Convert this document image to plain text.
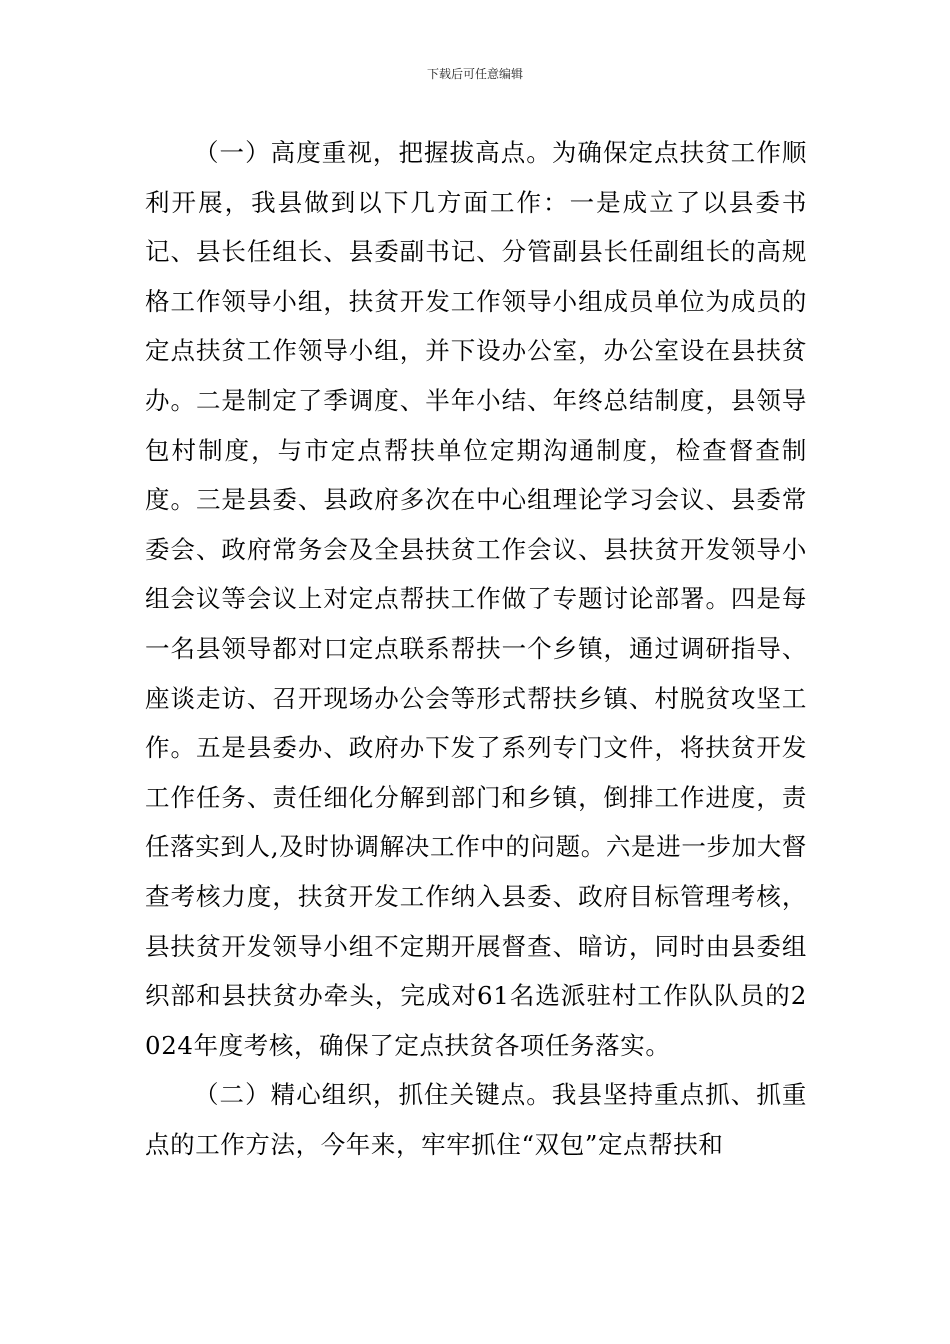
下载后可任意编辑

（一）高度重视，把握拔高点。为确保定点扶贫工作顺利开展，我县做到以下几方面工作：一是成立了以县委书记、县长任组长、县委副书记、分管副县长任副组长的高规格工作领导小组，扶贫开发工作领导小组成员单位为成员的定点扶贫工作领导小组，并下设办公室，办公室设在县扶贫办。二是制定了季调度、半年小结、年终总结制度，县领导包村制度，与市定点帮扶单位定期沟通制度，检查督查制度。三是县委、县政府多次在中心组理论学习会议、县委常委会、政府常务会及全县扶贫工作会议、县扶贫开发领导小组会议等会议上对定点帮扶工作做了专题讨论部署。四是每一名县领导都对口定点联系帮扶一个乡镇，通过调研指导、座谈走访、召开现场办公会等形式帮扶乡镇、村脱贫攻坚工作。五是县委办、政府办下发了系列专门文件，将扶贫开发工作任务、责任细化分解到部门和乡镇，倒排工作进度，责任落实到人,及时协调解决工作中的问题。六是进一步加大督查考核力度，扶贫开发工作纳入县委、政府目标管理考核，县扶贫开发领导小组不定期开展督查、暗访，同时由县委组织部和县扶贫办牵头，完成对61名选派驻村工作队队员的2024年度考核，确保了定点扶贫各项任务落实。

（二）精心组织，抓住关键点。我县坚持重点抓、抓重点的工作方法，今年来，牢牢抓住“双包”定点帮扶和
